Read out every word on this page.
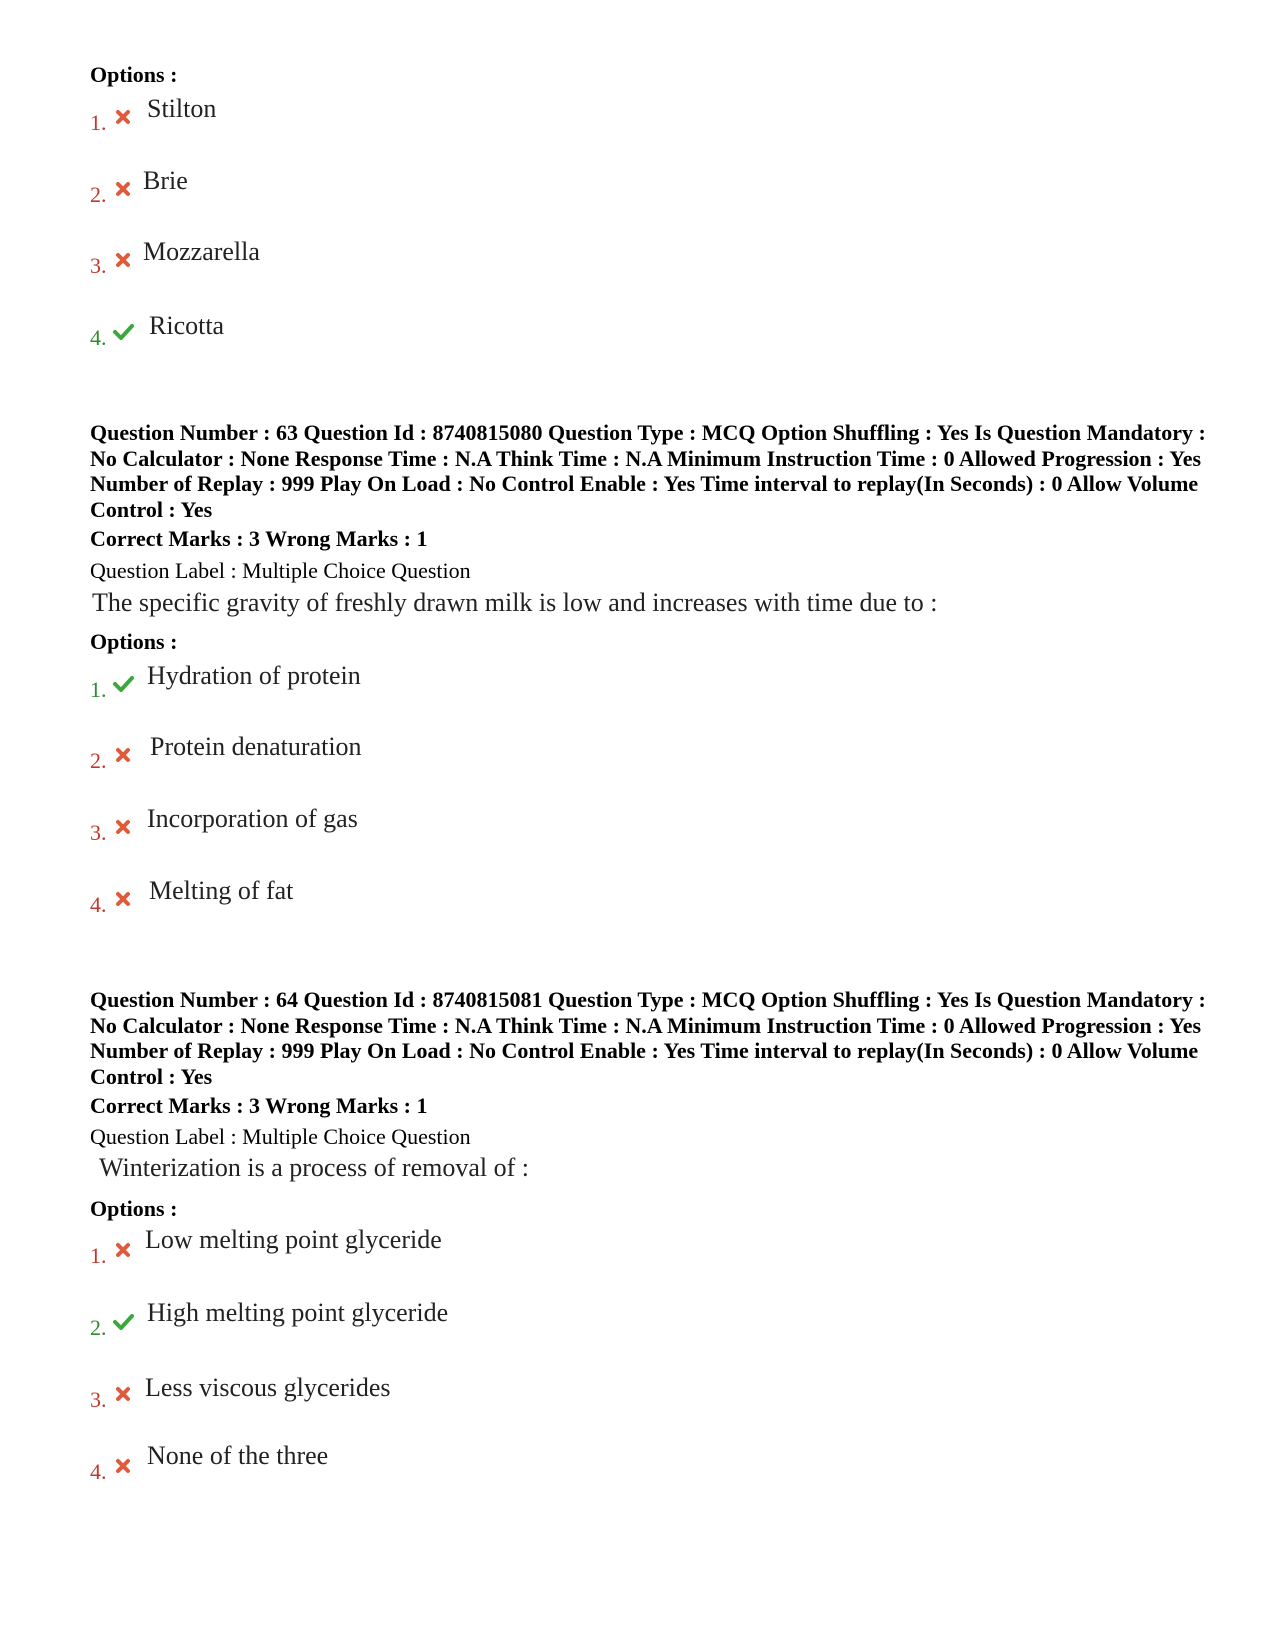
Options :
1. Stilton
2. Brie
3. Mozzarella
4. Ricotta
Question Number : 63 Question Id : 8740815080 Question Type : MCQ Option Shuffling : Yes Is Question Mandatory : No Calculator : None Response Time : N.A Think Time : N.A Minimum Instruction Time : 0 Allowed Progression : Yes Number of Replay : 999 Play On Load : No Control Enable : Yes Time interval to replay(In Seconds) : 0 Allow Volume Control : Yes
Correct Marks : 3 Wrong Marks : 1
Question Label : Multiple Choice Question
The specific gravity of freshly drawn milk is low and increases with time due to :
Options :
1. Hydration of protein
2. Protein denaturation
3. Incorporation of gas
4. Melting of fat
Question Number : 64 Question Id : 8740815081 Question Type : MCQ Option Shuffling : Yes Is Question Mandatory : No Calculator : None Response Time : N.A Think Time : N.A Minimum Instruction Time : 0 Allowed Progression : Yes Number of Replay : 999 Play On Load : No Control Enable : Yes Time interval to replay(In Seconds) : 0 Allow Volume Control : Yes
Correct Marks : 3 Wrong Marks : 1
Question Label : Multiple Choice Question
Winterization is a process of removal of :
Options :
1.
Low melting point glyceride
2.
High melting point glyceride
3. Less viscous glycerides
4.
None of the three
